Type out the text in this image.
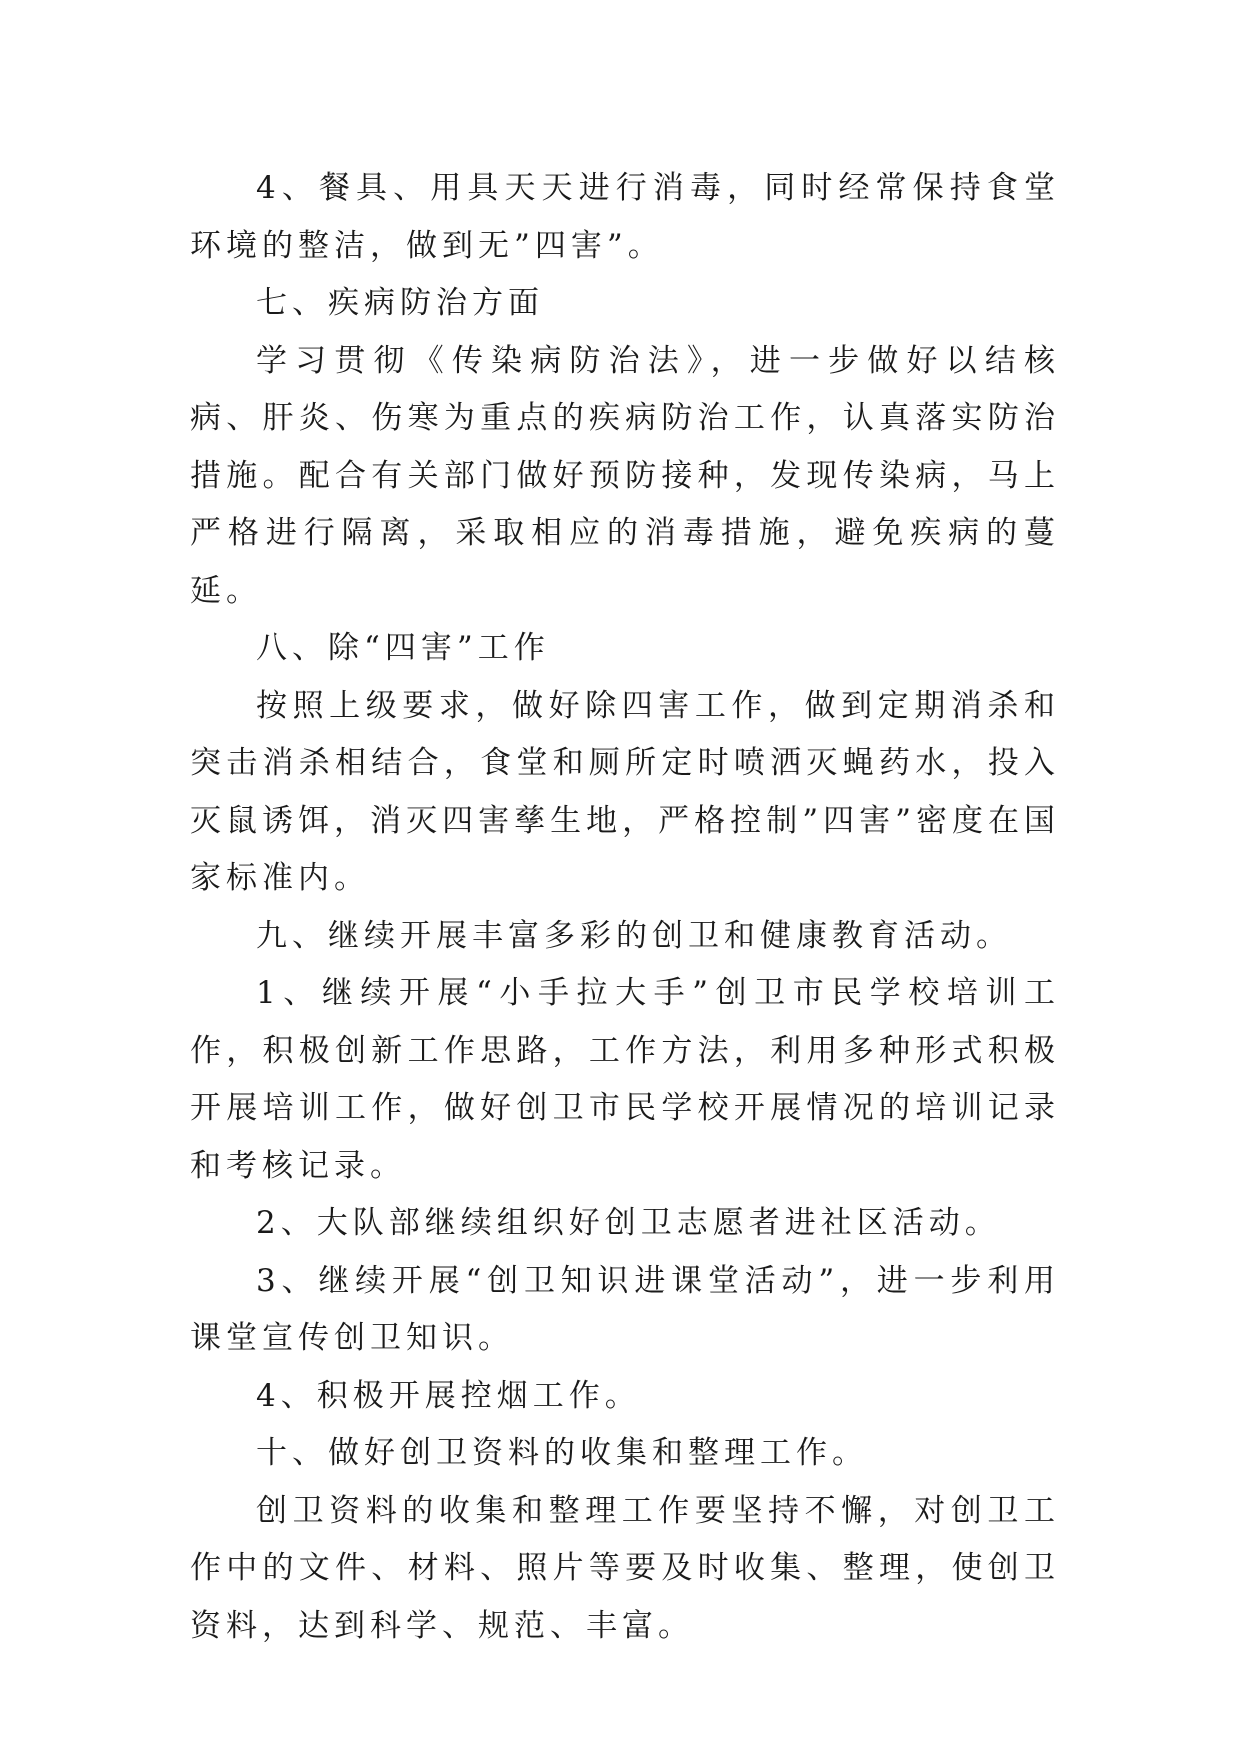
4、餐具、用具天天进行消毒，同时经常保持食堂环境的整洁，做到无”四害”。

七、疾病防治方面

学习贯彻《传染病防治法》，进一步做好以结核病、肝炎、伤寒为重点的疾病防治工作，认真落实防治措施。配合有关部门做好预防接种，发现传染病，马上严格进行隔离，采取相应的消毒措施，避免疾病的蔓延。

八、除“四害”工作

按照上级要求，做好除四害工作，做到定期消杀和突击消杀相结合，食堂和厕所定时喷洒灭蝇药水，投入灭鼠诱饵，消灭四害孳生地，严格控制”四害”密度在国家标准内。

九、继续开展丰富多彩的创卫和健康教育活动。

1、继续开展“小手拉大手”创卫市民学校培训工作，积极创新工作思路，工作方法，利用多种形式积极开展培训工作，做好创卫市民学校开展情况的培训记录和考核记录。

2、大队部继续组织好创卫志愿者进社区活动。

3、继续开展“创卫知识进课堂活动”，进一步利用课堂宣传创卫知识。

4、积极开展控烟工作。

十、做好创卫资料的收集和整理工作。

创卫资料的收集和整理工作要坚持不懈，对创卫工作中的文件、材料、照片等要及时收集、整理，使创卫资料，达到科学、规范、丰富。
